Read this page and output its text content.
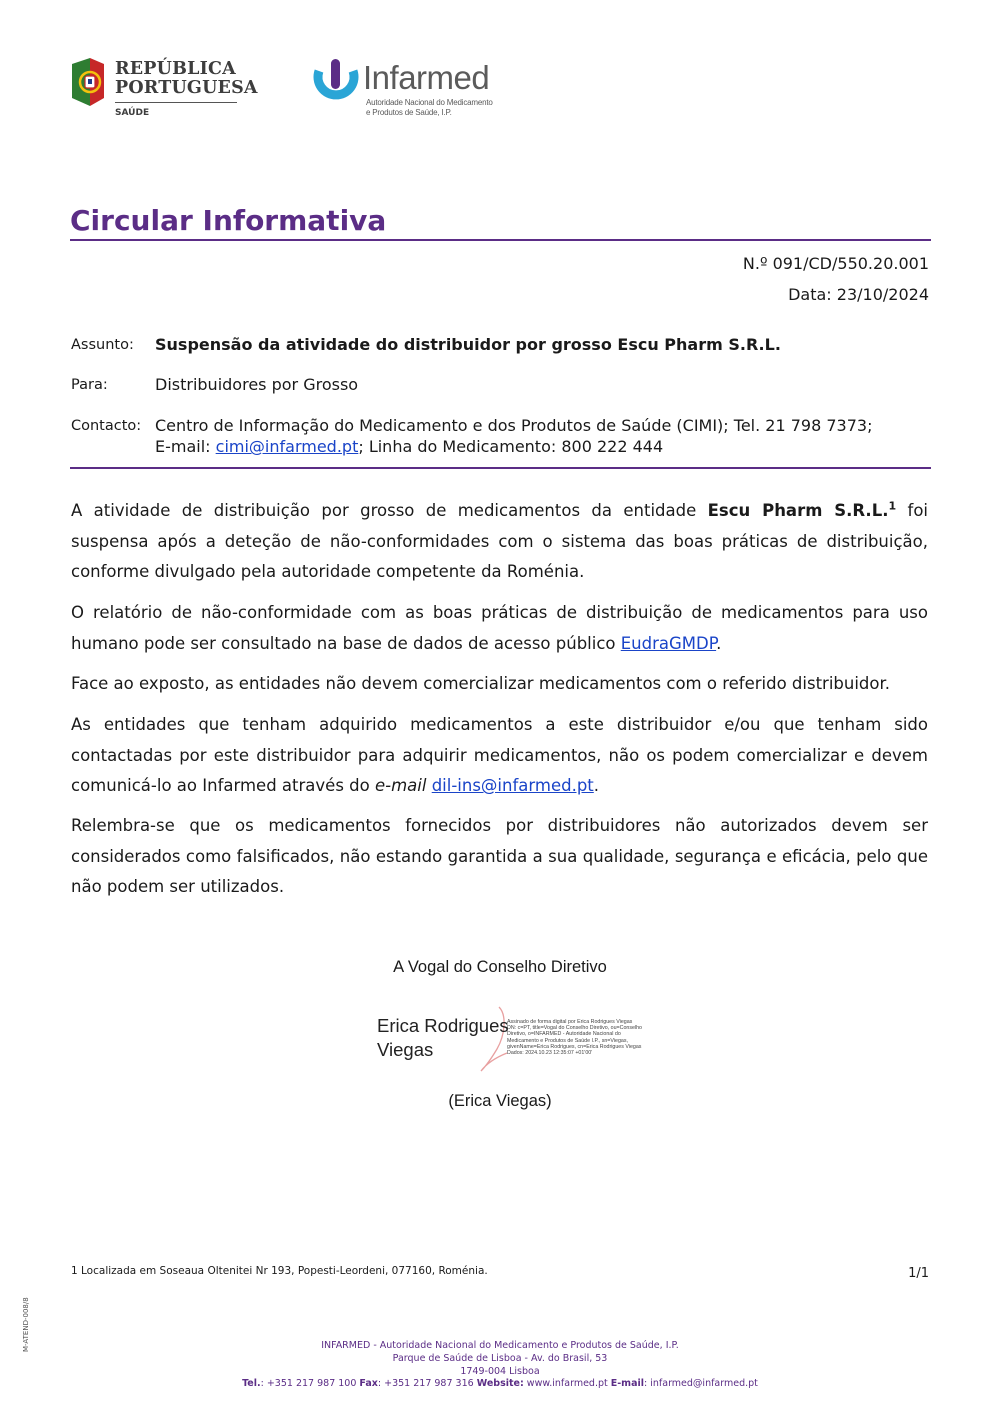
REPÚBLICA
PORTUGUESA
SAÚDE
Infarmed
Autoridade Nacional do Medicamento
e Produtos de Saúde, I.P.
Circular Informativa
N.º 091/CD/550.20.001
Data: 23/10/2024
Assunto: Suspensão da atividade do distribuidor por grosso Escu Pharm S.R.L.
Para:	Distribuidores por Grosso
Contacto: Centro de Informação do Medicamento e dos Produtos de Saúde (CIMI); Tel. 21 798 7373;
E-mail: cimi@infarmed.pt; Linha do Medicamento: 800 222 444

A atividade de distribuição por grosso de medicamentos da entidade Escu Pharm S.R.L.$^1$ foi suspensa após a deteção de não-conformidades com o sistema das boas práticas de distribuição, conforme divulgado pela autoridade competente da Roménia.

O relatório de não-conformidade com as boas práticas de distribuição de medicamentos para uso humano pode ser consultado na base de dados de acesso público EudraGMDP.

Face ao exposto, as entidades não devem comercializar medicamentos com o referido distribuidor.

As entidades que tenham adquirido medicamentos a este distribuidor e/ou que tenham sido contactadas por este distribuidor para adquirir medicamentos, não os podem comercializar e devem comunicá-lo ao Infarmed através do e-mail dil-ins@infarmed.pt.

Relembra-se que os medicamentos fornecidos por distribuidores não autorizados devem ser considerados como falsificados, não estando garantida a sua qualidade, segurança e eficácia, pelo que não podem ser utilizados.

A Vogal do Conselho Diretivo
Erica Rodrigues
Viegas
Assinado de forma digital por Erica Rodrigues Viegas
DN: c=PT, title=Vogal do Conselho Diretivo, ou=Conselho
Diretivo, o=INFARMED - Autoridade Nacional do
Medicamento e Produtos de Saúde I.P., sn=Viegas,
givenName=Erica Rodrigues, cn=Erica Rodrigues Viegas
Dados: 2024.10.23 12:35:07 +01'00'
(Erica Viegas)
1 Localizada em Soseaua Oltenitei Nr 193, Popesti-Leordeni, 077160, Roménia.	1/1
M-ATEND-008/8	INFARMED - Autoridade Nacional do Medicamento e Produtos de Saúde, I.P.
Parque de Saúde de Lisboa - Av. do Brasil, 53
1749-004 Lisboa
Tel.: +351 217 987 100 Fax: +351 217 987 316 Website: www.infarmed.pt E-mail: infarmed@infarmed.pt
